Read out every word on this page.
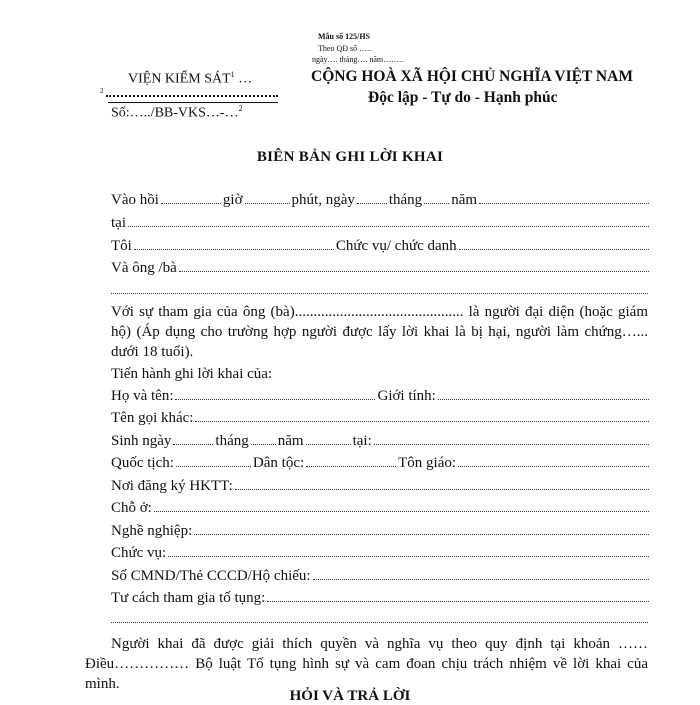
Mẫu số 125/HS
Theo QĐ số …..
ngày…. tháng…. năm……..
VIỆN KIỂM SÁT$^1$ …
2
Số:…../BB-VKS…-…$^2$
CỘNG HOÀ XÃ HỘI CHỦ NGHĨA VIỆT NAM
Độc lập - Tự do - Hạnh phúc
BIÊN BẢN GHI LỜI KHAI
Vào hồi	giờ	phút, ngày tháng năm
tại
Tôi	Chức vụ/ chức danh
Và ông /bà
Với sự tham gia của ông (bà)............................................. là người đại diện (hoặc giám hộ) (Áp dụng cho trường hợp người được lấy lời khai là bị hại, người làm chứng…... dưới 18 tuổi).
Tiến hành ghi lời khai của:
Họ và tên:	Giới tính:
Tên gọi khác:
Sinh ngày	tháng năm	tại:
Quốc tịch:	Dân tộc:	Tôn giáo:
Nơi đăng ký HKTT:
Chỗ ở:
Nghề nghiệp:
Chức vụ:
Số CMND/Thẻ CCCD/Hộ chiếu:
Tư cách tham gia tố tụng:
Người khai đã được giải thích quyền và nghĩa vụ theo quy định tại khoản …… Điều…………… Bộ luật Tố tụng hình sự và cam đoan chịu trách nhiệm về lời khai của mình.
HỎI VÀ TRẢ LỜI
